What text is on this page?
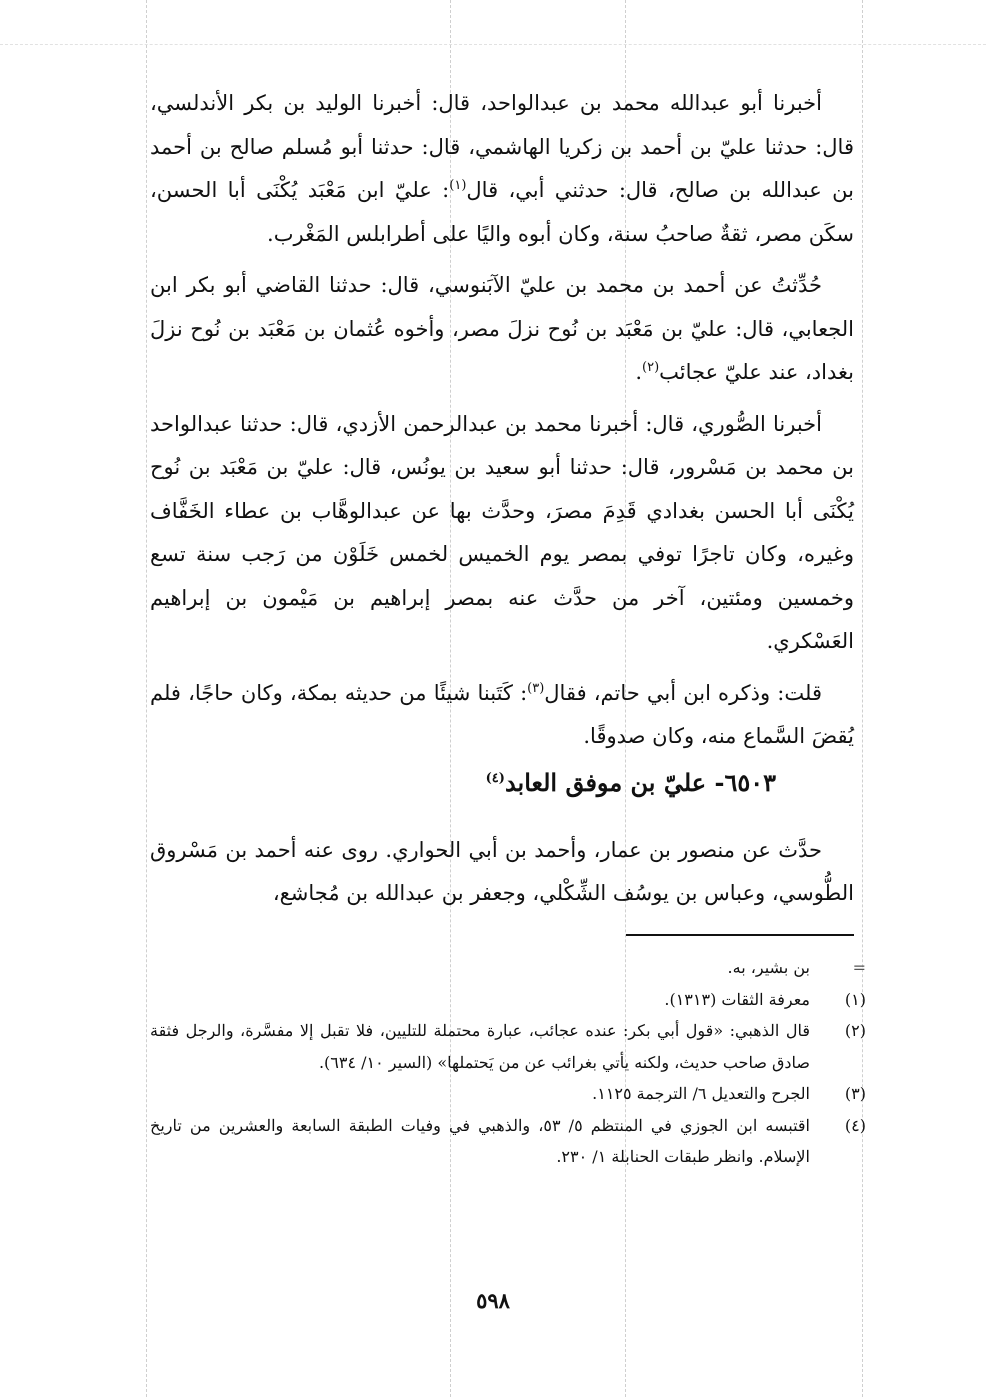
أخبرنا أبو عبدالله محمد بن عبدالواحد، قال: أخبرنا الوليد بن بكر الأندلسي، قال: حدثنا عليّ بن أحمد بن زكريا الهاشمي، قال: حدثنا أبو مُسلم صالح بن أحمد بن عبدالله بن صالح، قال: حدثني أبي، قال$^{(١)}$: عليّ ابن مَعْبَد يُكْنَى أبا الحسن، سكَن مصر، ثقةٌ صاحبُ سنة، وكان أبوه واليًا على أطرابلس المَغْرب.

حُدِّثتُ عن أحمد بن محمد بن عليّ الآبَنوسي، قال: حدثنا القاضي أبو بكر ابن الجعابي، قال: عليّ بن مَعْبَد بن نُوح نزلَ مصر، وأخوه عُثمان بن مَعْبَد بن نُوح نزلَ بغداد، عند عليّ عجائب$^{(٢)}$.

أخبرنا الصُّوري، قال: أخبرنا محمد بن عبدالرحمن الأزدي، قال: حدثنا عبدالواحد بن محمد بن مَسْرور، قال: حدثنا أبو سعيد بن يونُس، قال: عليّ بن مَعْبَد بن نُوح يُكْنَى أبا الحسن بغدادي قَدِمَ مصرَ، وحدَّث بها عن عبدالوهَّاب بن عطاء الخَفَّاف وغيره، وكان تاجرًا توفي بمصر يوم الخميس لخمس خَلَوْن من رَجب سنة تسع وخمسين ومئتين، آخر من حدَّث عنه بمصر إبراهيم بن مَيْمون بن إبراهيم العَسْكري.

قلت: وذكره ابن أبي حاتم، فقال$^{(٣)}$: كَتَبنا شيئًا من حديثه بمكة، وكان حاجًا، فلم يُقضَ السَّماع منه، وكان صدوقًا.

٦٥٠٣- عليّ بن موفق العابد$^{(٤)}$

حدَّث عن منصور بن عمار، وأحمد بن أبي الحواري. روى عنه أحمد بن مَسْروق الطُّوسي، وعباس بن يوسُف الشِّكْلي، وجعفر بن عبدالله بن مُجاشع،

=
بن بشير، به.
(١)
معرفة الثقات (١٣١٣).
(٢)
قال الذهبي: «قول أبي بكر: عنده عجائب، عبارة محتملة للتليين، فلا تقبل إلا مفسَّرة، والرجل فثقة صادق صاحب حديث، ولكنه يأتي بغرائب عن من يَحتملها» (السير ١٠/ ٦٣٤).
(٣)
الجرح والتعديل ٦/ الترجمة ١١٢٥.
(٤)
اقتبسه ابن الجوزي في المنتظم ٥/ ٥٣، والذهبي في وفيات الطبقة السابعة والعشرين من تاريخ الإسلام. وانظر طبقات الحنابلة ١/ ٢٣٠.
٥٩٨
